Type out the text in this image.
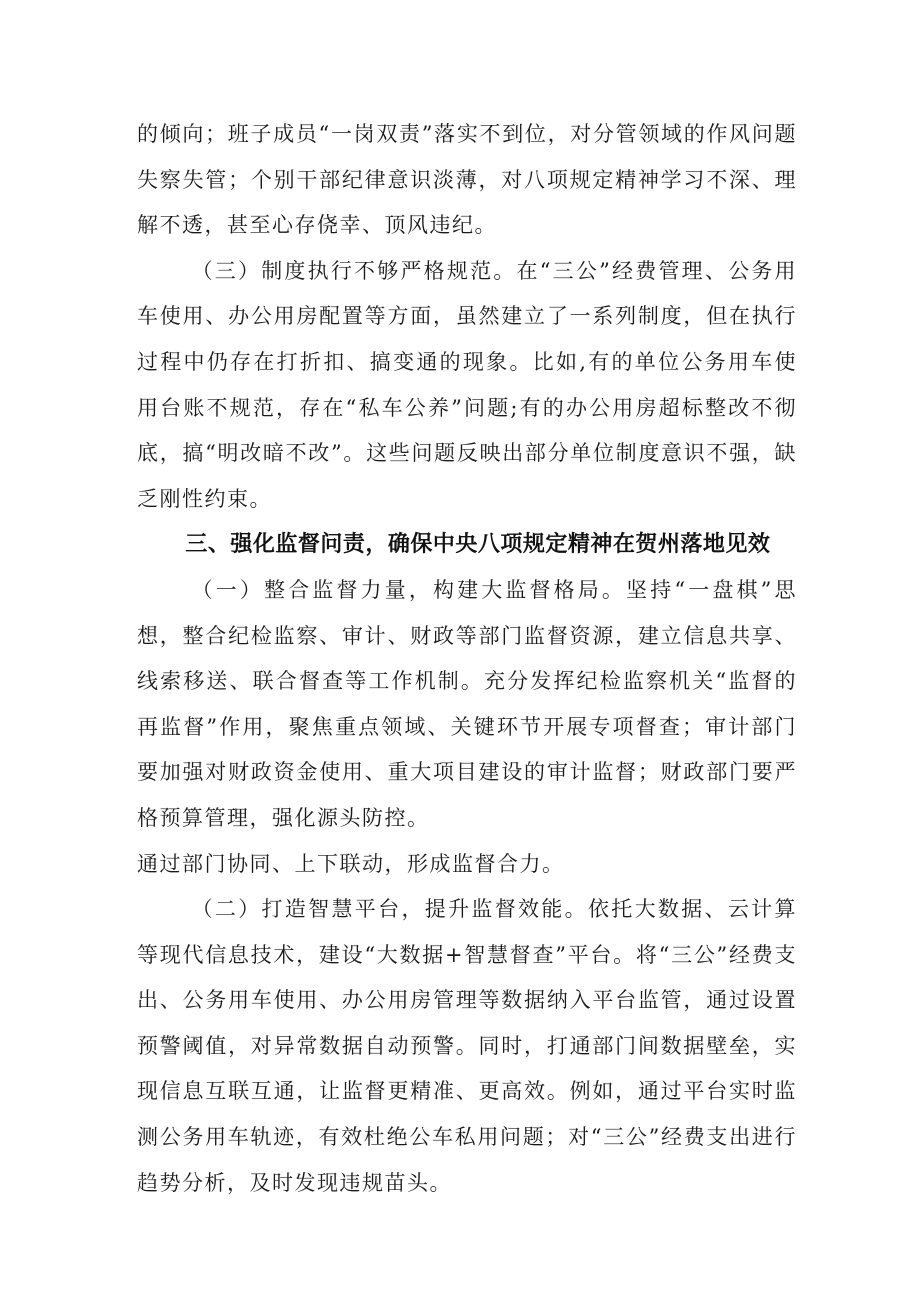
的倾向；班子成员“一岗双责”落实不到位，对分管领域的作风问题失察失管；个别干部纪律意识淡薄，对八项规定精神学习不深、理解不透，甚至心存侥幸、顶风违纪。

（三）制度执行不够严格规范。在“三公”经费管理、公务用车使用、办公用房配置等方面，虽然建立了一系列制度，但在执行过程中仍存在打折扣、搞变通的现象。比如,有的单位公务用车使用台账不规范，存在“私车公养”问题;有的办公用房超标整改不彻底，搞“明改暗不改”。这些问题反映出部分单位制度意识不强，缺乏刚性约束。

三、强化监督问责，确保中央八项规定精神在贺州落地见效

（一）整合监督力量，构建大监督格局。坚持“一盘棋”思想，整合纪检监察、审计、财政等部门监督资源，建立信息共享、线索移送、联合督查等工作机制。充分发挥纪检监察机关“监督的再监督”作用，聚焦重点领域、关键环节开展专项督查；审计部门要加强对财政资金使用、重大项目建设的审计监督；财政部门要严格预算管理，强化源头防控。

通过部门协同、上下联动，形成监督合力。

（二）打造智慧平台，提升监督效能。依托大数据、云计算等现代信息技术，建设“大数据+智慧督查”平台。将“三公”经费支出、公务用车使用、办公用房管理等数据纳入平台监管，通过设置预警阈值，对异常数据自动预警。同时，打通部门间数据壁垒，实现信息互联互通，让监督更精准、更高效。例如，通过平台实时监测公务用车轨迹，有效杜绝公车私用问题；对“三公”经费支出进行趋势分析，及时发现违规苗头。
